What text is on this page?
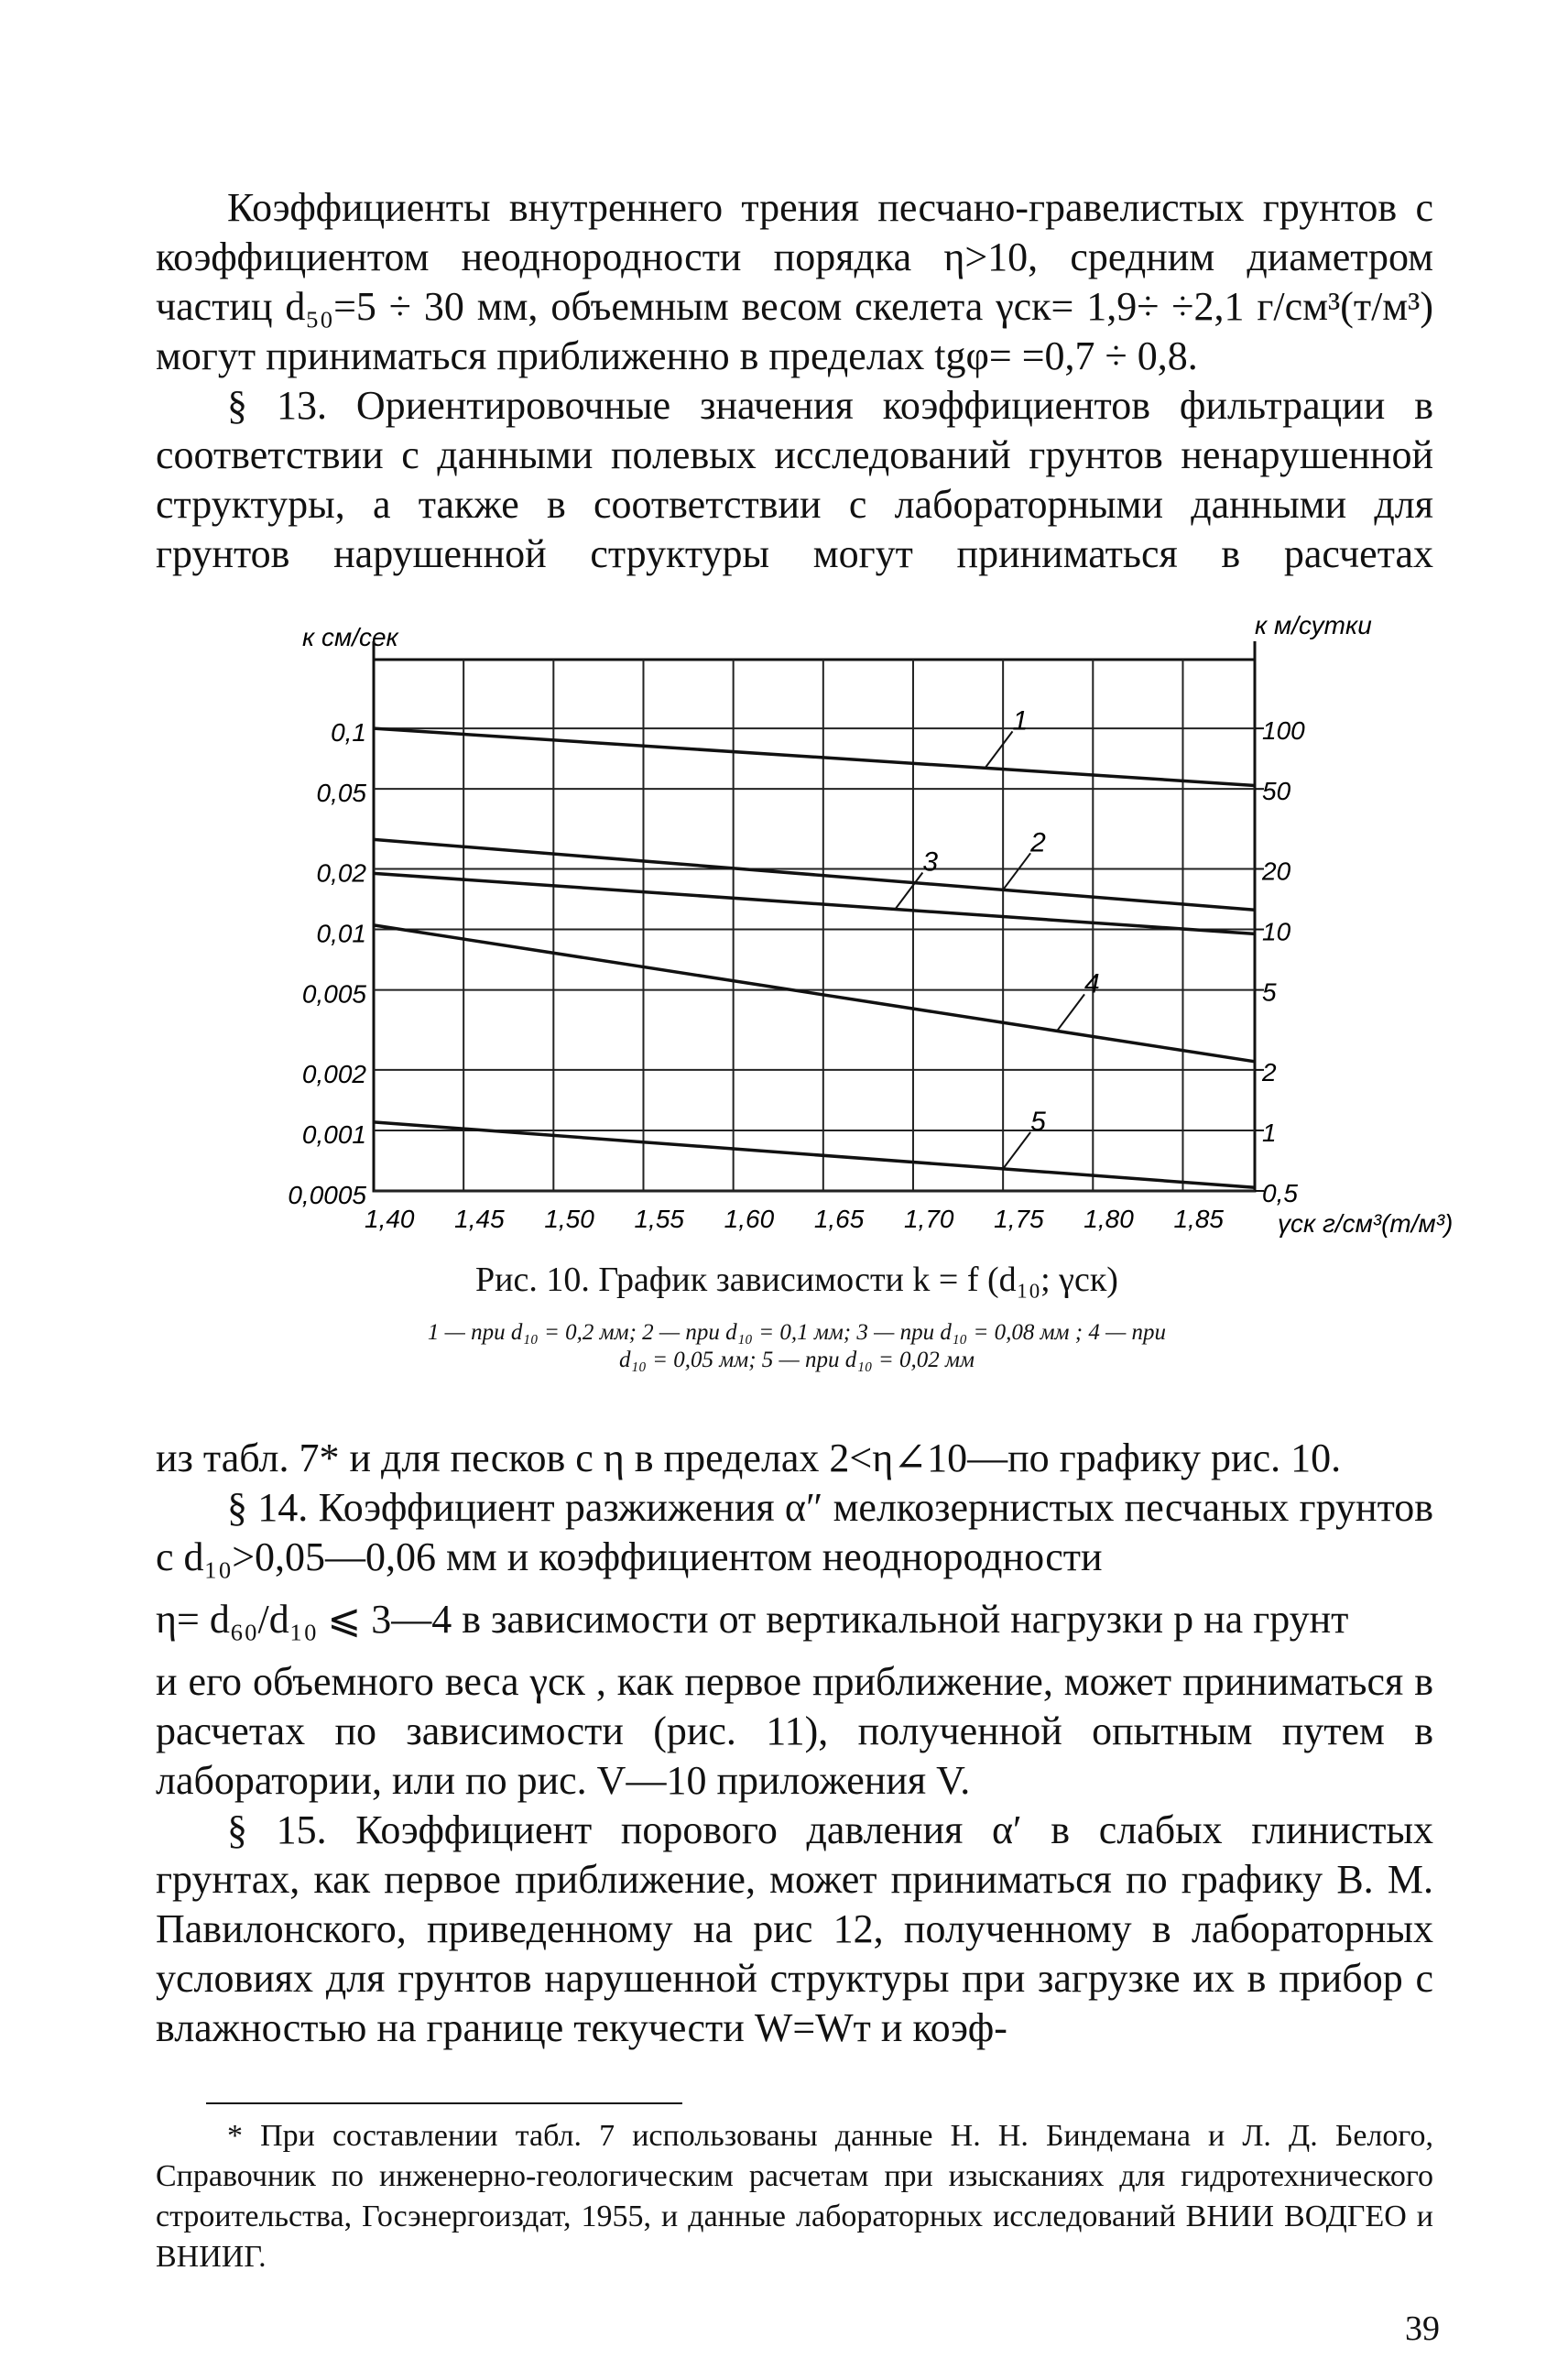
Коэффициенты внутреннего трения песчано-гравелистых грунтов с коэффициентом неоднородности порядка η>10, средним диаметром частиц d₅₀=5 ÷ 30 мм, объемным весом скелета γск= 1,9÷ ÷2,1 г/см³(т/м³) могут приниматься приближенно в пределах tgφ= =0,7 ÷ 0,8.

§ 13. Ориентировочные значения коэффициентов фильтрации в соответствии с данными полевых исследований грунтов ненарушенной структуры, а также в соответствии с лабораторными данными для грунтов нарушенной структуры могут приниматься в расчетах

к см/сек	к м/сутки
γск г/см³(т/м³)
1
2
3
4
5
1,40 1,45 1,50 1,55 1,60 1,65 1,70 1,75 1,80 1,85
0,1
0,05
0,02
0,01
0,005
0,002
0,001
0,0005
100
50
20
10
5
2
1
0,5
Рис. 10. График зависимости k = f (d₁₀; γск)
1 — при d₁₀ = 0,2 мм; 2 — при d₁₀ = 0,1 мм; 3 — при d₁₀ = 0,08 мм ; 4 — при
d₁₀ = 0,05 мм; 5 — при d₁₀ = 0,02 мм

из табл. 7* и для песков с η в пределах 2<η∠10—по графику рис. 10.

§ 14. Коэффициент разжижения α″ мелкозернистых песчаных грунтов с d₁₀>0,05—0,06 мм и коэффициентом неоднородности

η= d₆₀/d₁₀ ⩽ 3—4 в зависимости от вертикальной нагрузки p на грунт

и его объемного веса γск , как первое приближение, может приниматься в расчетах по зависимости (рис. 11), полученной опытным путем в лаборатории, или по рис. V—10 приложения V.

§ 15. Коэффициент порового давления α′ в слабых глинистых грунтах, как первое приближение, может приниматься по графику В. М. Павилонского, приведенному на рис 12, полученному в лабораторных условиях для грунтов нарушенной структуры при загрузке их в прибор с влажностью на границе текучести W=Wт и коэф-

* При составлении табл. 7 использованы данные Н. Н. Биндемана и Л. Д. Белого, Справочник по инженерно-геологическим расчетам при изысканиях для гидротехнического строительства, Госэнергоиздат, 1955, и данные лабораторных исследований ВНИИ ВОДГЕО и ВНИИГ.

39
